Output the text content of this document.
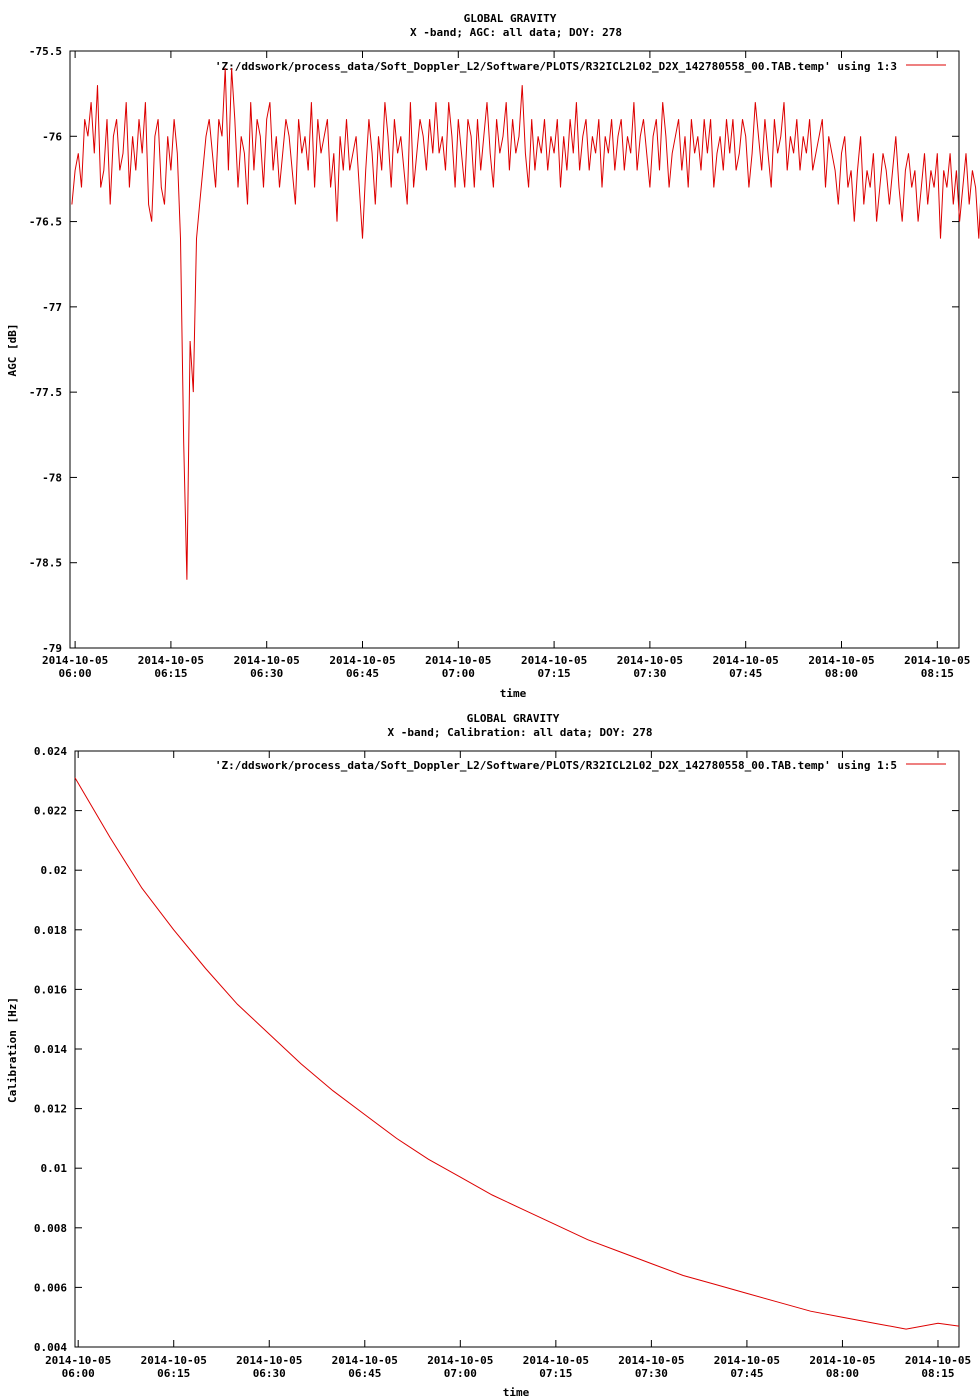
GLOBAL GRAVITY
X -band; AGC: all data; DOY: 278
-75.5
-76
-76.5
-77
-77.5
-78
-78.5
-79
2014-10-05
06:00
2014-10-05
06:15
2014-10-05
06:30
2014-10-05
06:45
2014-10-05
07:00
2014-10-05
07:15
2014-10-05
07:30
2014-10-05
07:45
2014-10-05
08:00
2014-10-05
08:15
AGC [dB]
time
'Z:/ddswork/process_data/Soft_Doppler_L2/Software/PLOTS/R32ICL2L02_D2X_142780558_00.TAB.temp' using 1:3
GLOBAL GRAVITY
X -band; Calibration: all data; DOY: 278
0.024
0.022
0.02
0.018
0.016
0.014
0.012
0.01
0.008
0.006
0.004
2014-10-05
06:00
2014-10-05
06:15
2014-10-05
06:30
2014-10-05
06:45
2014-10-05
07:00
2014-10-05
07:15
2014-10-05
07:30
2014-10-05
07:45
2014-10-05
08:00
2014-10-05
08:15
Calibration [Hz]
time
'Z:/ddswork/process_data/Soft_Doppler_L2/Software/PLOTS/R32ICL2L02_D2X_142780558_00.TAB.temp' using 1:5
